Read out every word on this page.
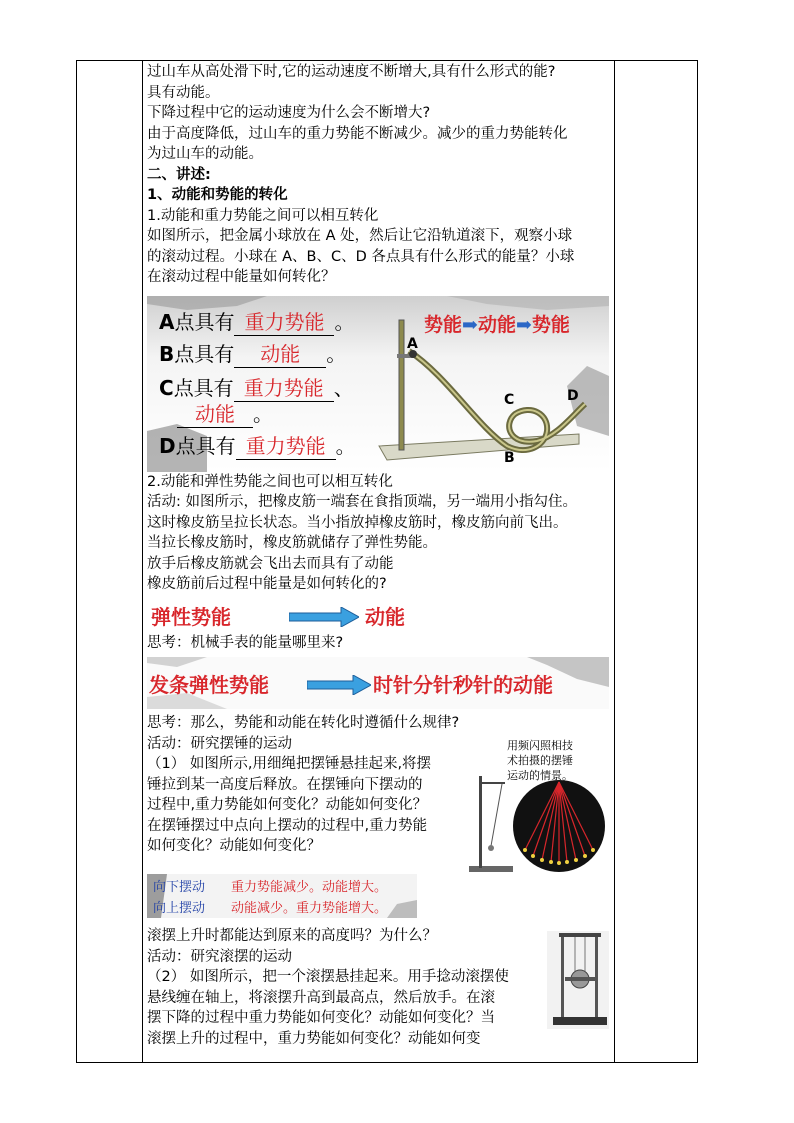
过山车从高处滑下时,它的运动速度不断增大,具有什么形式的能?

具有动能。

下降过程中它的运动速度为什么会不断增大?

由于高度降低，过山车的重力势能不断减少。减少的重力势能转化

为过山车的动能。

二、讲述:

1、动能和势能的转化

1.动能和重力势能之间可以相互转化

如图所示，把金属小球放在 A 处，然后让它沿轨道滚下，观察小球

的滚动过程。小球在 A、B、C、D 各点具有什么形式的能量？小球

在滚动过程中能量如何转化？

A
B
C	D
势能➡动能➡势能
A点具有 重力势能 。
B点具有 动能 。
C点具有 重力势能 、
动能 。
D点具有 重力势能 。

2.动能和弹性势能之间也可以相互转化

活动: 如图所示，把橡皮筋一端套在食指顶端，另一端用小指勾住。

这时橡皮筋呈拉长状态。当小指放掉橡皮筋时，橡皮筋向前飞出。

当拉长橡皮筋时，橡皮筋就储存了弹性势能。

放手后橡皮筋就会飞出去而具有了动能

橡皮筋前后过程中能量是如何转化的?

弹性势能	动能

思考：机械手表的能量哪里来?

发条弹性势能	时针分针秒针的动能

思考：那么，势能和动能在转化时遵循什么规律?

活动：研究摆锤的运动

（1） 如图所示,用细绳把摆锤悬挂起来,将摆

锤拉到某一高度后释放。在摆锤向下摆动的

过程中,重力势能如何变化？动能如何变化？

在摆锤摆过中点向上摆动的过程中,重力势能

如何变化？动能如何变化？

用频闪照相技
术拍摄的摆锤
运动的情景。
向下摆动 重力势能减少。动能增大。
向上摆动 动能减少。重力势能增大。

滚摆上升时都能达到原来的高度吗？为什么？

活动：研究滚摆的运动

（2） 如图所示，把一个滚摆悬挂起来。用手捻动滚摆使

悬线缠在轴上，将滚摆升高到最高点，然后放手。在滚

摆下降的过程中重力势能如何变化？动能如何变化？当

滚摆上升的过程中，重力势能如何变化？动能如何变
